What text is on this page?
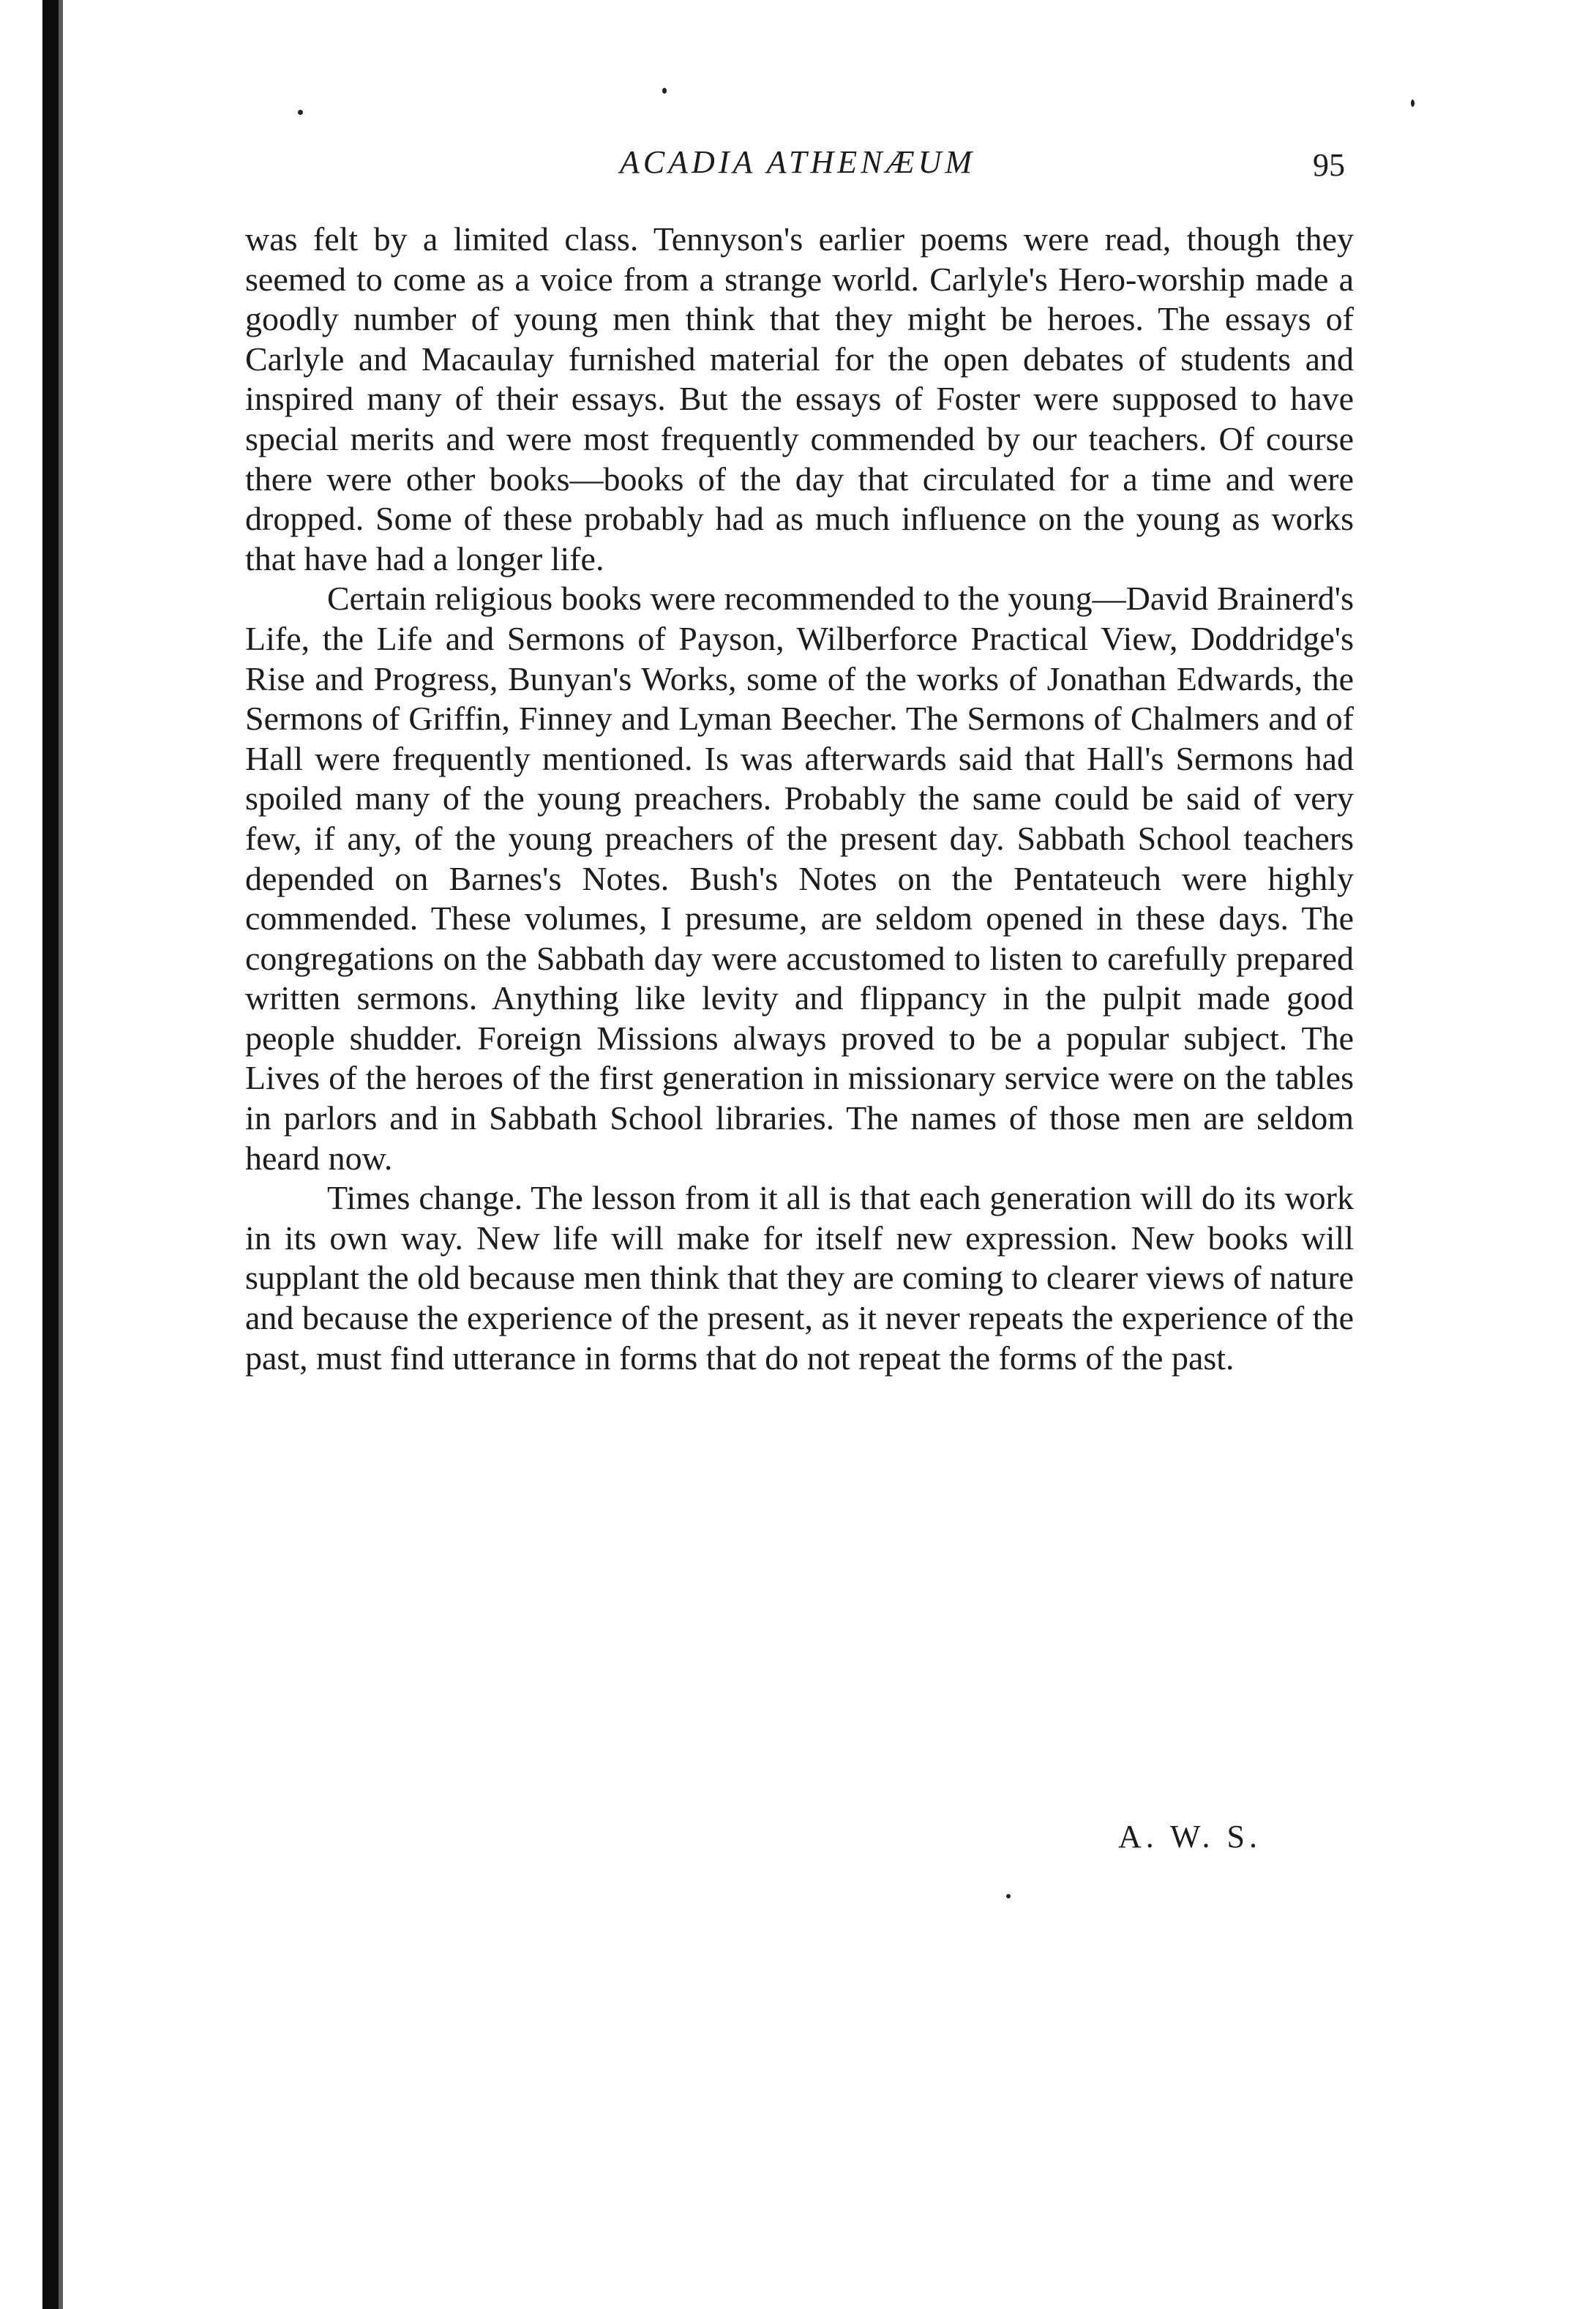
ACADIA ATHENÆUM	95

was felt by a limited class. Tennyson's earlier poems were read, though they seemed to come as a voice from a strange world. Carlyle's Hero-worship made a goodly number of young men think that they might be heroes. The essays of Carlyle and Macaulay furnished material for the open debates of students and inspired many of their essays. But the essays of Foster were supposed to have special merits and were most frequently commended by our teachers. Of course there were other books—books of the day that circulated for a time and were dropped. Some of these probably had as much influence on the young as works that have had a longer life.

Certain religious books were recommended to the young—David Brainerd's Life, the Life and Sermons of Payson, Wilberforce Practical View, Doddridge's Rise and Progress, Bunyan's Works, some of the works of Jonathan Edwards, the Sermons of Griffin, Finney and Lyman Beecher. The Sermons of Chalmers and of Hall were frequently mentioned. Is was afterwards said that Hall's Sermons had spoiled many of the young preachers. Probably the same could be said of very few, if any, of the young preachers of the present day. Sabbath School teachers depended on Barnes's Notes. Bush's Notes on the Pentateuch were highly commended. These volumes, I presume, are seldom opened in these days. The congregations on the Sabbath day were accustomed to listen to carefully prepared written sermons. Anything like levity and flippancy in the pulpit made good people shudder. Foreign Missions always proved to be a popular subject. The Lives of the heroes of the first generation in missionary service were on the tables in parlors and in Sabbath School libraries. The names of those men are seldom heard now.

Times change. The lesson from it all is that each generation will do its work in its own way. New life will make for itself new expression. New books will supplant the old because men think that they are coming to clearer views of nature and because the experience of the present, as it never repeats the experience of the past, must find utterance in forms that do not repeat the forms of the past.

A. W. S.
